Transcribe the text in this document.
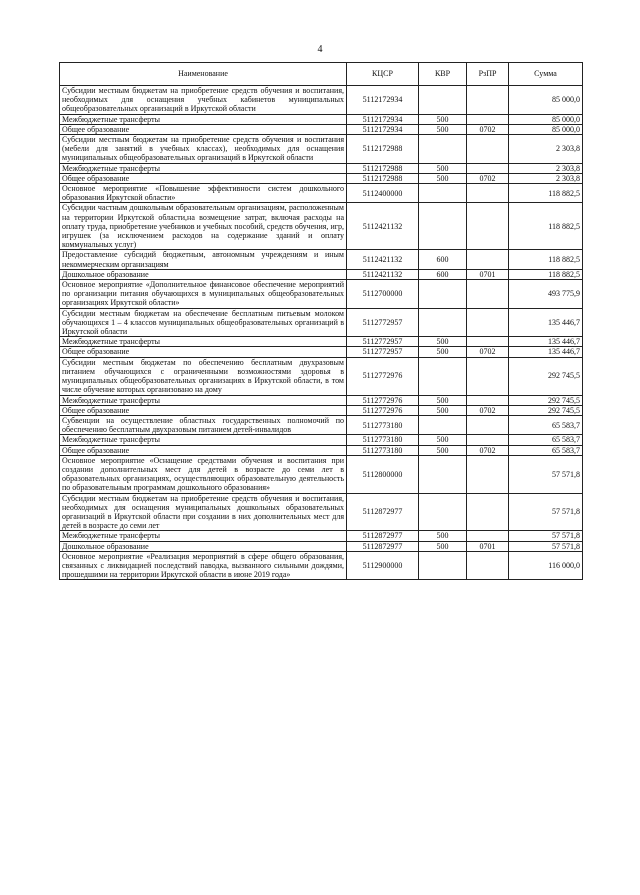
4
Наименование	КЦСР	КВР	РзПР	Сумма
Субсидии местным бюджетам на приобретение средств обучения и воспитания, необходимых для оснащения учебных кабинетов муниципальных общеобразовательных организаций в Иркутской области	5112172934			85 000,0
Межбюджетные трансферты	5112172934	500		85 000,0
Общее образование	5112172934	500	0702	85 000,0
Субсидии местным бюджетам на приобретение средств обучения и воспитания (мебели для занятий в учебных классах), необходимых для оснащения муниципальных общеобразовательных организаций в Иркутской области	5112172988			2 303,8
Межбюджетные трансферты	5112172988	500		2 303,8
Общее образование	5112172988	500	0702	2 303,8
Основное мероприятие «Повышение эффективности систем дошкольного образования Иркутской области»	5112400000			118 882,5
Субсидии частным дошкольным образовательным организациям, расположенным на территории Иркутской области,на возмещение затрат, включая расходы на оплату труда, приобретение учебников и учебных пособий, средств обучения, игр, игрушек (за исключением расходов на содержание зданий и оплату коммунальных услуг)	5112421132			118 882,5
Предоставление субсидий бюджетным, автономным учреждениям и иным некоммерческим организациям	5112421132	600		118 882,5
Дошкольное образование	5112421132	600	0701	118 882,5
Основное мероприятие «Дополнительное финансовое обеспечение мероприятий по организации питания обучающихся в муниципальных общеобразовательных организациях Иркутской области»	5112700000			493 775,9
Субсидии местным бюджетам на обеспечение бесплатным питьевым молоком обучающихся 1 – 4 классов муниципальных общеобразовательных организаций в Иркутской области	5112772957			135 446,7
Межбюджетные трансферты	5112772957	500		135 446,7
Общее образование	5112772957	500	0702	135 446,7
Субсидии местным бюджетам по обеспечению бесплатным двухразовым питанием обучающихся с ограниченными возможностями здоровья в муниципальных общеобразовательных организациях в Иркутской области, в том числе обучение которых организовано на дому	5112772976			292 745,5
Межбюджетные трансферты	5112772976	500		292 745,5
Общее образование	5112772976	500	0702	292 745,5
Субвенции на осуществление областных государственных полномочий по обеспечению бесплатным двухразовым питанием детей-инвалидов	5112773180			65 583,7
Межбюджетные трансферты	5112773180	500		65 583,7
Общее образование	5112773180	500	0702	65 583,7
Основное мероприятие «Оснащение средствами обучения и воспитания при создании дополнительных мест для детей в возрасте до семи лет в образовательных организациях, осуществляющих образовательную деятельность по образовательным программам дошкольного образования»	5112800000			57 571,8
Субсидии местным бюджетам на приобретение средств обучения и воспитания, необходимых для оснащения муниципальных дошкольных образовательных организаций в Иркутской области при создании в них дополнительных мест для детей в возрасте до семи лет	5112872977			57 571,8
Межбюджетные трансферты	5112872977	500		57 571,8
Дошкольное образование	5112872977	500	0701	57 571,8
Основное мероприятие «Реализация мероприятий в сфере общего образования, связанных с ликвидацией последствий паводка, вызванного сильными дождями, прошедшими на территории Иркутской области в июне 2019 года»	5112900000			116 000,0
